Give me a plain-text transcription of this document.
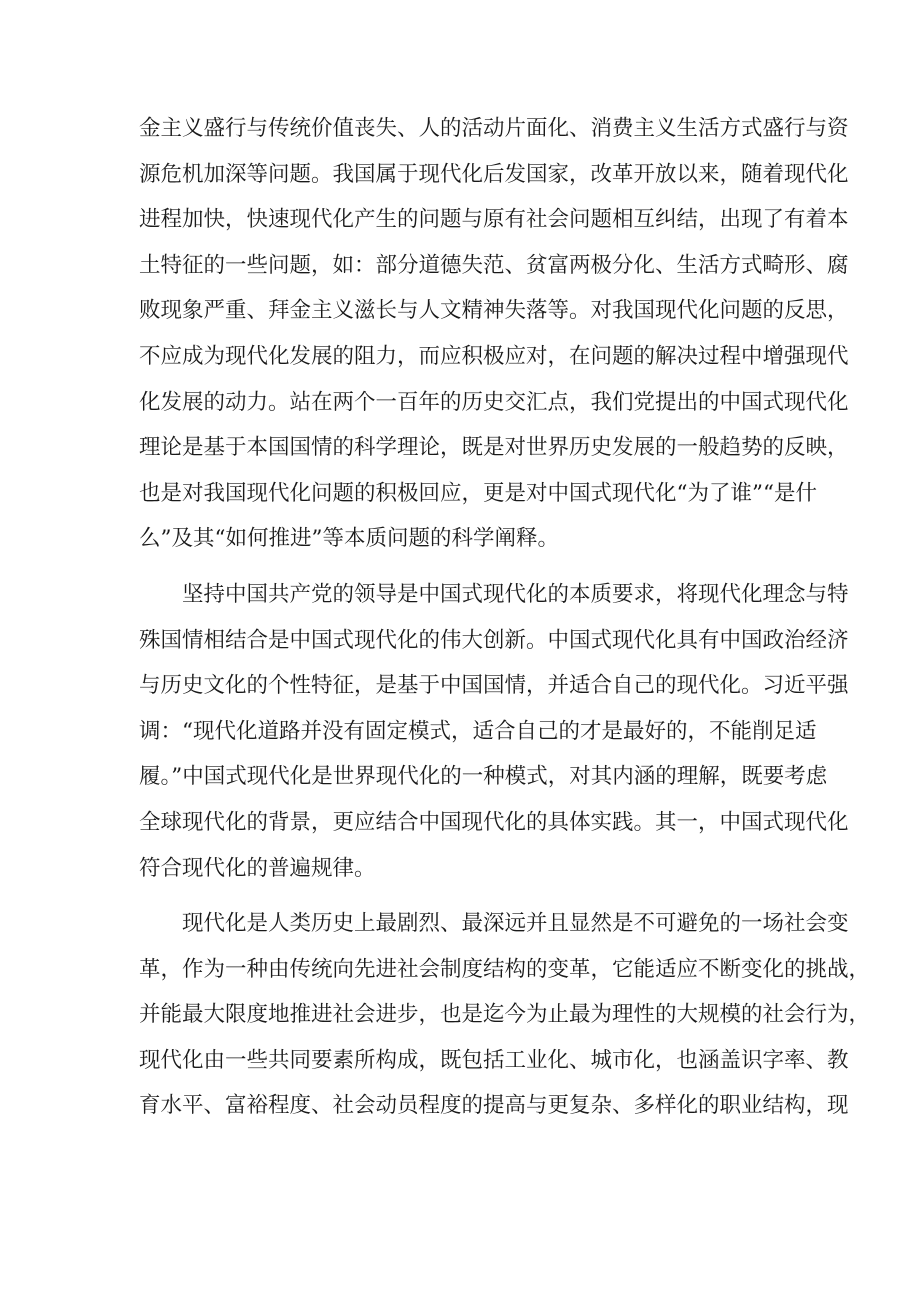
金主义盛行与传统价值丧失、人的活动片面化、消费主义生活方式盛行与资
源危机加深等问题。我国属于现代化后发国家，改革开放以来，随着现代化
进程加快，快速现代化产生的问题与原有社会问题相互纠结，出现了有着本
土特征的一些问题，如：部分道德失范、贫富两极分化、生活方式畸形、腐
败现象严重、拜金主义滋长与人文精神失落等。对我国现代化问题的反思，
不应成为现代化发展的阻力，而应积极应对，在问题的解决过程中增强现代
化发展的动力。站在两个一百年的历史交汇点，我们党提出的中国式现代化
理论是基于本国国情的科学理论，既是对世界历史发展的一般趋势的反映，
也是对我国现代化问题的积极回应，更是对中国式现代化“为了谁”“是什
么”及其“如何推进”等本质问题的科学阐释。
坚持中国共产党的领导是中国式现代化的本质要求，将现代化理念与特
殊国情相结合是中国式现代化的伟大创新。中国式现代化具有中国政治经济
与历史文化的个性特征，是基于中国国情，并适合自己的现代化。习近平强
调：“现代化道路并没有固定模式，适合自己的才是最好的，不能削足适
履。”中国式现代化是世界现代化的一种模式，对其内涵的理解，既要考虑
全球现代化的背景，更应结合中国现代化的具体实践。其一，中国式现代化
符合现代化的普遍规律。
现代化是人类历史上最剧烈、最深远并且显然是不可避免的一场社会变
革，作为一种由传统向先进社会制度结构的变革，它能适应不断变化的挑战，
并能最大限度地推进社会进步，也是迄今为止最为理性的大规模的社会行为，
现代化由一些共同要素所构成，既包括工业化、城市化，也涵盖识字率、教
育水平、富裕程度、社会动员程度的提高与更复杂、多样化的职业结构，现
